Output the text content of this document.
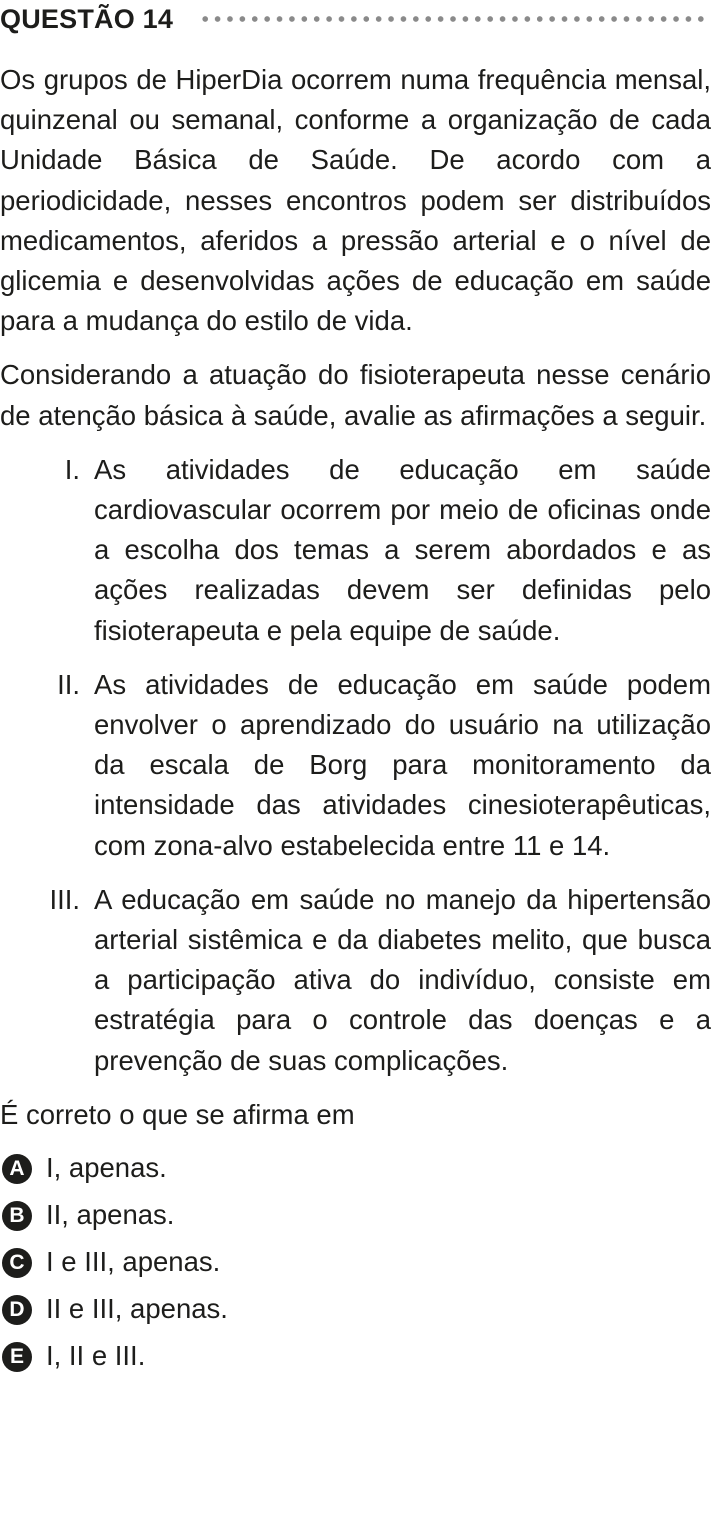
QUESTÃO 14

Os grupos de HiperDia ocorrem numa frequência mensal, quinzenal ou semanal, conforme a organização de cada Unidade Básica de Saúde. De acordo com a periodicidade, nesses encontros podem ser distribuídos medicamentos, aferidos a pressão arterial e o nível de glicemia e desenvolvidas ações de educação em saúde para a mudança do estilo de vida.

Considerando a atuação do fisioterapeuta nesse cenário de atenção básica à saúde, avalie as afirmações a seguir.

I. As atividades de educação em saúde cardiovascular ocorrem por meio de oficinas onde a escolha dos temas a serem abordados e as ações realizadas devem ser definidas pelo fisioterapeuta e pela equipe de saúde.
II. As atividades de educação em saúde podem envolver o aprendizado do usuário na utilização da escala de Borg para monitoramento da intensidade das atividades cinesioterapêuticas, com zona-alvo estabelecida entre 11 e 14.
III. A educação em saúde no manejo da hipertensão arterial sistêmica e da diabetes melito, que busca a participação ativa do indivíduo, consiste em estratégia para o controle das doenças e a prevenção de suas complicações.
É correto o que se afirma em
A I, apenas.
B II, apenas.
C I e III, apenas.
D II e III, apenas.
E I, II e III.
